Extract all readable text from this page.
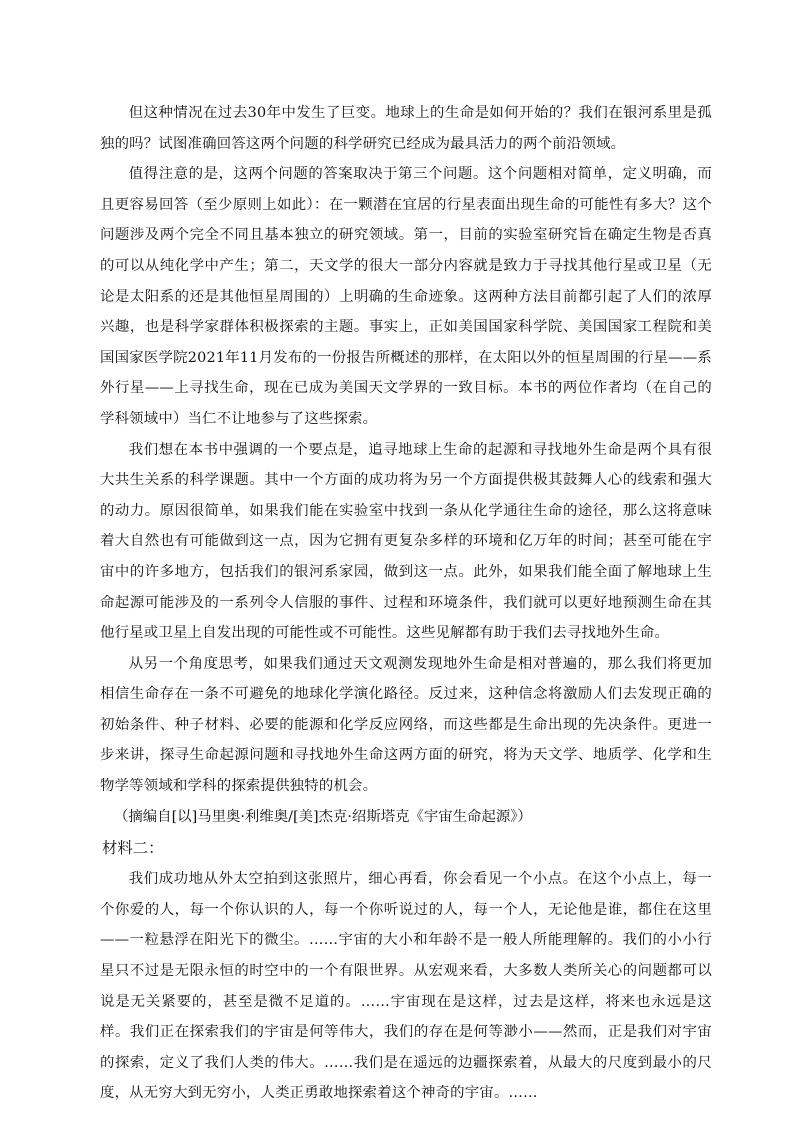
但这种情况在过去30年中发生了巨变。地球上的生命是如何开始的？我们在银河系里是孤独的吗？试图准确回答这两个问题的科学研究已经成为最具活力的两个前沿领域。

值得注意的是，这两个问题的答案取决于第三个问题。这个问题相对简单，定义明确，而且更容易回答（至少原则上如此）：在一颗潜在宜居的行星表面出现生命的可能性有多大？这个问题涉及两个完全不同且基本独立的研究领域。第一，目前的实验室研究旨在确定生物是否真的可以从纯化学中产生；第二，天文学的很大一部分内容就是致力于寻找其他行星或卫星（无论是太阳系的还是其他恒星周围的）上明确的生命迹象。这两种方法目前都引起了人们的浓厚兴趣，也是科学家群体积极探索的主题。事实上，正如美国国家科学院、美国国家工程院和美国国家医学院2021年11月发布的一份报告所概述的那样，在太阳以外的恒星周围的行星——系外行星——上寻找生命，现在已成为美国天文学界的一致目标。本书的两位作者均（在自己的学科领域中）当仁不让地参与了这些探索。

我们想在本书中强调的一个要点是，追寻地球上生命的起源和寻找地外生命是两个具有很大共生关系的科学课题。其中一个方面的成功将为另一个方面提供极其鼓舞人心的线索和强大的动力。原因很简单，如果我们能在实验室中找到一条从化学通往生命的途径，那么这将意味着大自然也有可能做到这一点，因为它拥有更复杂多样的环境和亿万年的时间；甚至可能在宇宙中的许多地方，包括我们的银河系家园，做到这一点。此外，如果我们能全面了解地球上生命起源可能涉及的一系列令人信服的事件、过程和环境条件，我们就可以更好地预测生命在其他行星或卫星上自发出现的可能性或不可能性。这些见解都有助于我们去寻找地外生命。

从另一个角度思考，如果我们通过天文观测发现地外生命是相对普遍的，那么我们将更加相信生命存在一条不可避免的地球化学演化路径。反过来，这种信念将激励人们去发现正确的初始条件、种子材料、必要的能源和化学反应网络，而这些都是生命出现的先决条件。更进一步来讲，探寻生命起源问题和寻找地外生命这两方面的研究，将为天文学、地质学、化学和生物学等领域和学科的探索提供独特的机会。

（摘编自[以]马里奥·利维奥/[美]杰克·绍斯塔克《宇宙生命起源》）

材料二：

我们成功地从外太空拍到这张照片，细心再看，你会看见一个小点。在这个小点上，每一个你爱的人，每一个你认识的人，每一个你听说过的人，每一个人，无论他是谁，都住在这里——一粒悬浮在阳光下的微尘。……宇宙的大小和年龄不是一般人所能理解的。我们的小小行星只不过是无限永恒的时空中的一个有限世界。从宏观来看，大多数人类所关心的问题都可以说是无关紧要的，甚至是微不足道的。……宇宙现在是这样，过去是这样，将来也永远是这样。我们正在探索我们的宇宙是何等伟大，我们的存在是何等渺小——然而，正是我们对宇宙的探索，定义了我们人类的伟大。……我们是在遥远的边疆探索着，从最大的尺度到最小的尺度，从无穷大到无穷小，人类正勇敢地探索着这个神奇的宇宙。……
